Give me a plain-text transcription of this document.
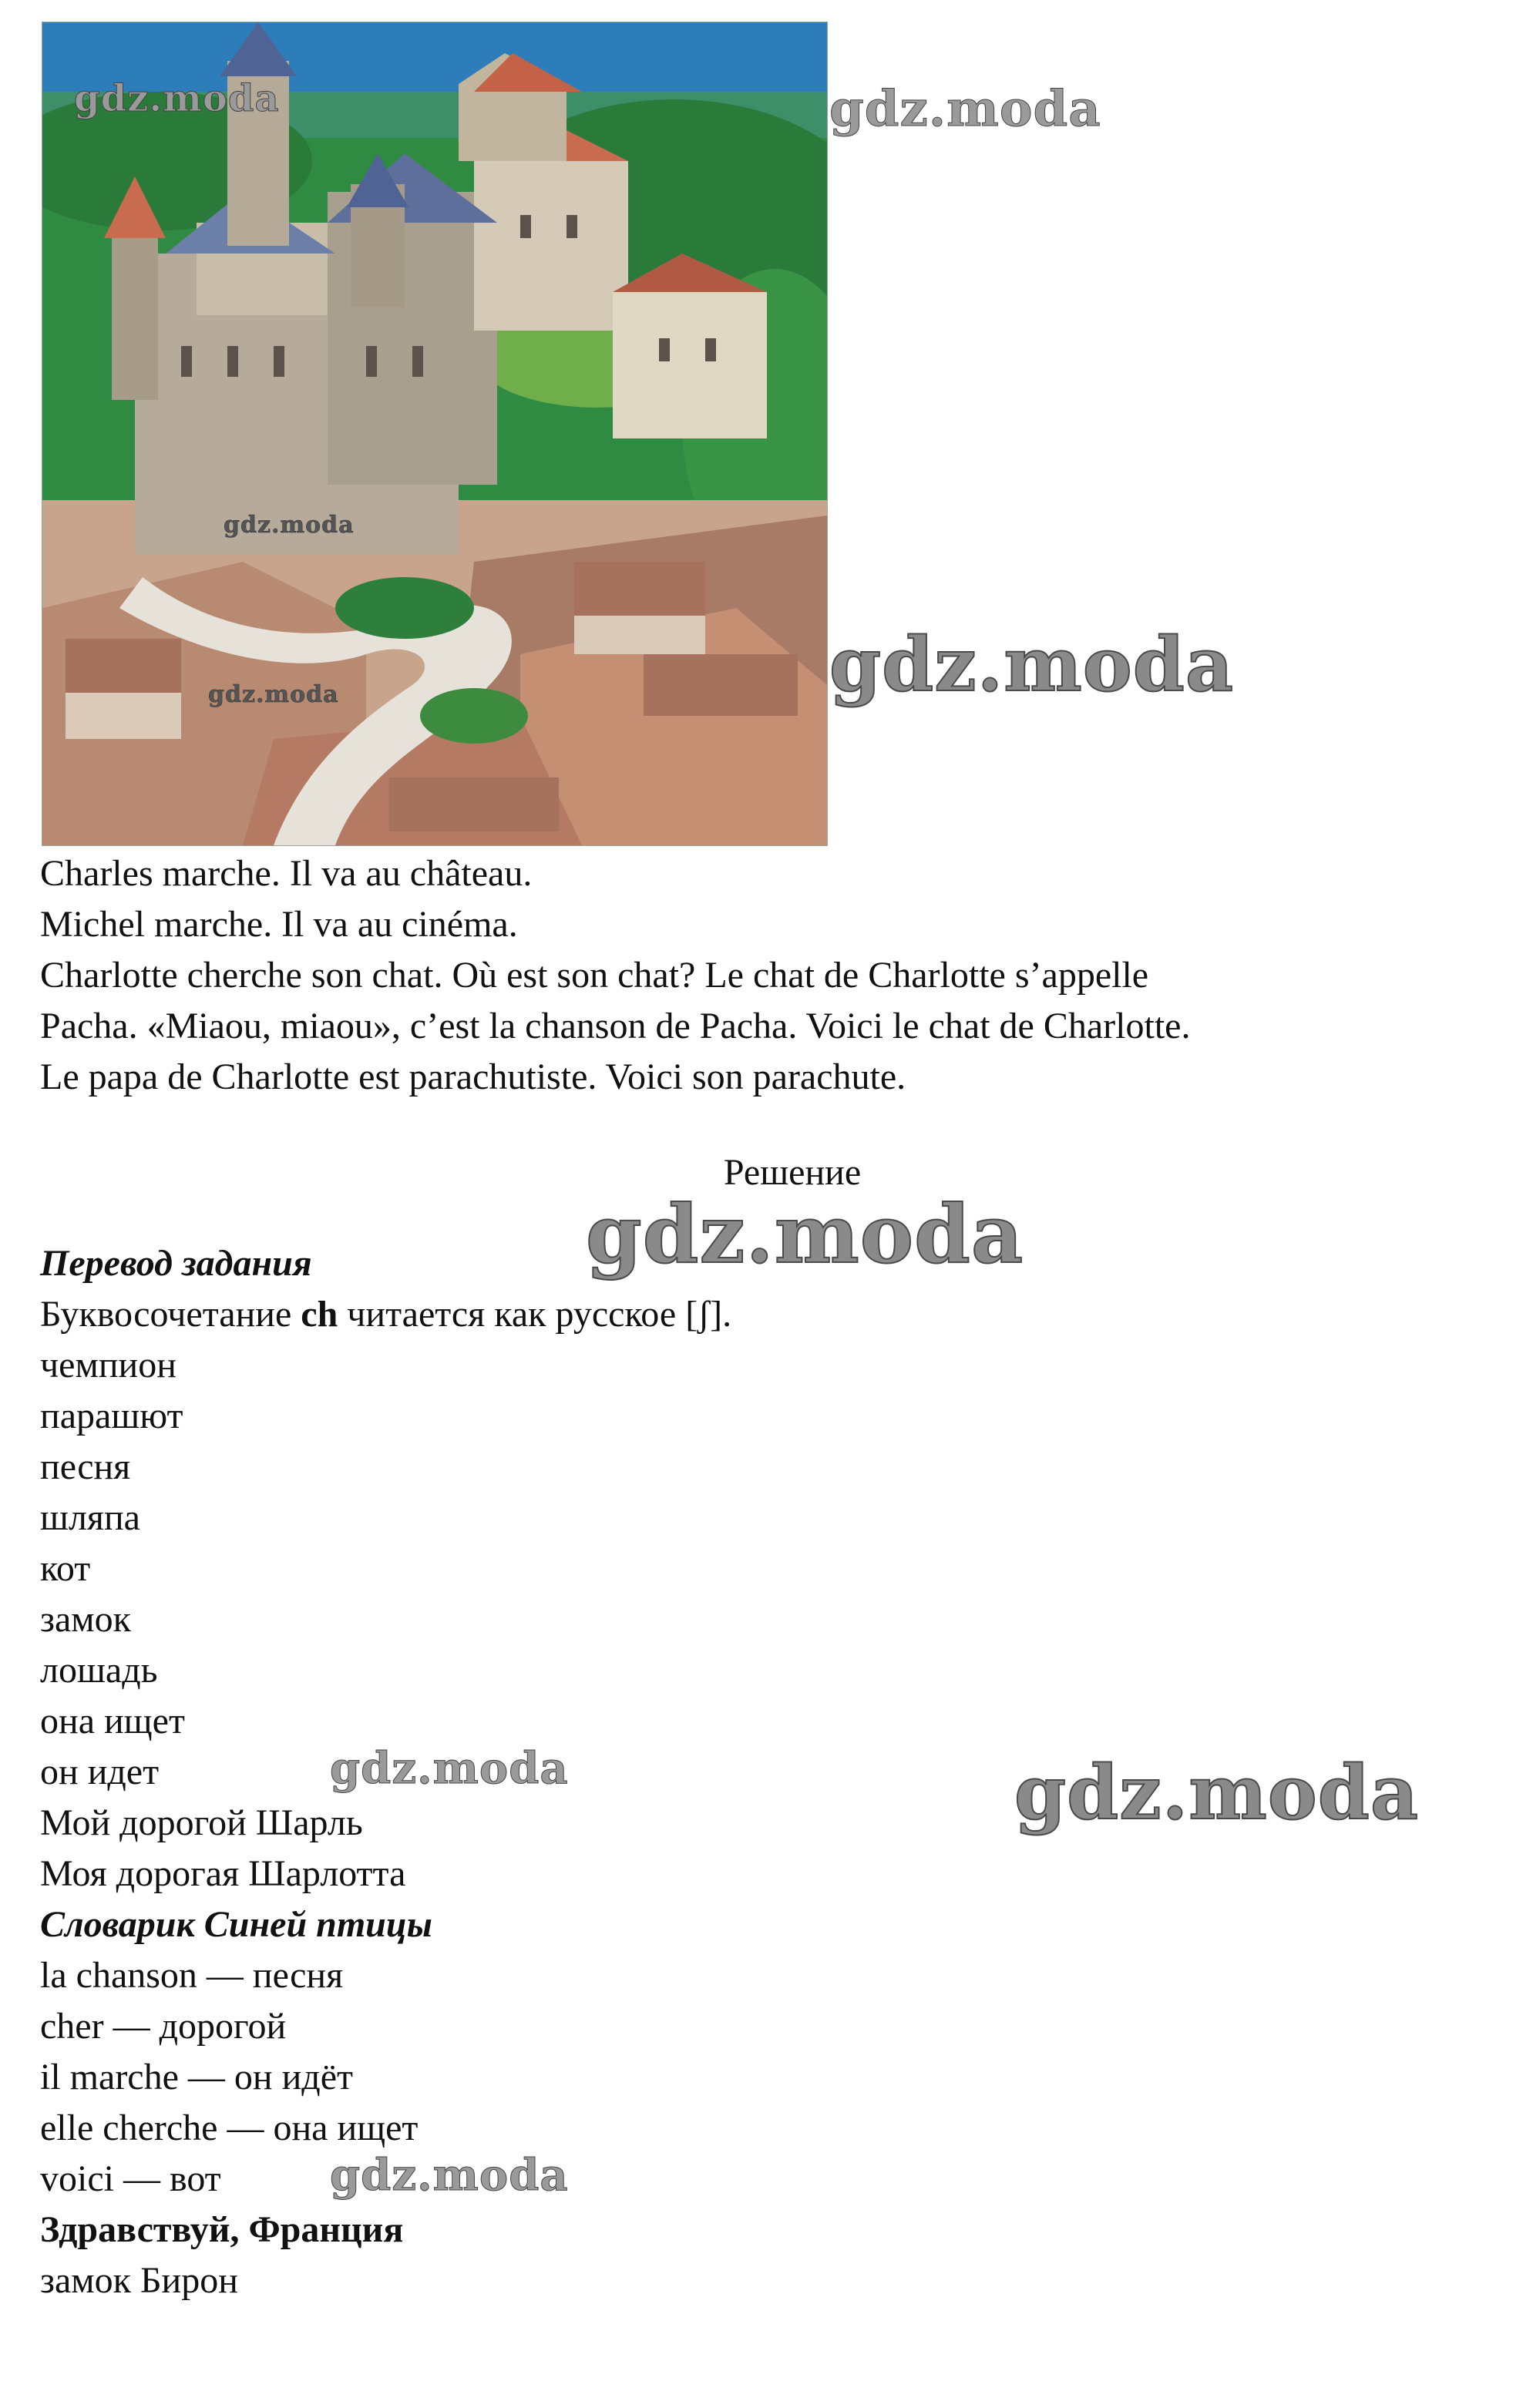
gdz.moda
gdz.moda
gdz.moda
gdz.moda
gdz.moda
Charles marche. Il va au château.
Michel marche. Il va au cinéma.
Charlotte cherche son chat. Où est son chat? Le chat de Charlotte s’appelle
Pacha. «Miaou, miaou», c’est la chanson de Pacha. Voici le chat de Charlotte.
Le papa de Charlotte est parachutiste. Voici son parachute.
Решение
gdz.moda
Перевод задания
Буквосочетание ch читается как русское [ʃ].
чемпион
парашют
песня
шляпа
кот
замок
лошадь
она ищет
он идет
Мой дорогой Шарль
Моя дорогая Шарлотта
gdz.moda	gdz.moda
Словарик Синей птицы
la chanson — песня
cher — дорогой
il marche — он идёт
elle cherche — она ищет
voici — вот	gdz.moda
Здравствуй, Франция
замок Бирон
